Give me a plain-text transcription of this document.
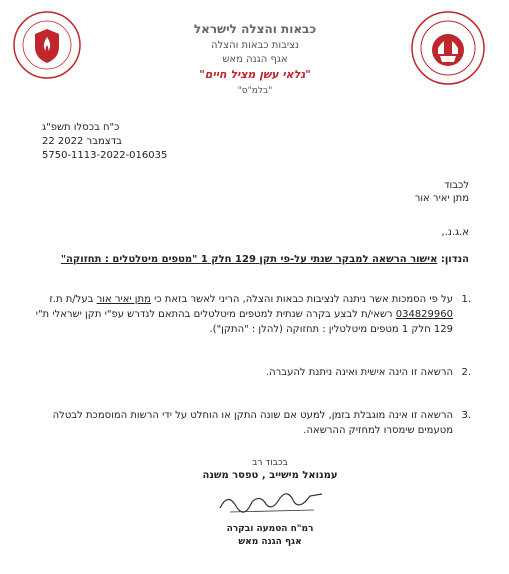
כבאות והצלה לישראל
נציבות כבאות והצלה
אגף הגנה מאש
"גלאי עשן מציל חיים"
"בלמ"ס"
כ"ח בכסלו תשפ"ג
22 בדצמבר 2022
5750-1113-2022-016035
לכבוד
מתן יאיר אור
א.ג.נ.,
הנדון: אישור הרשאה למבקר שנתי על-פי תקן 129 חלק 1 "מטפים מיטלטלים : תחזוקה"
.1
על פי הסמכות אשר ניתנה לנציבות כבאות והצלה, הריני לאשר בזאת כי מתן יאיר אור בעל/ת ת.ז 034829960 רשאי/ת לבצע בקרה שנתית למטפים מיטלטלים בהתאם לנדרש עפ"י תקן ישראלי ת"י 129 חלק 1 מטפים מיטלטלין : תחזוקה (להלן : "התקן").
.2
הרשאה זו הינה אישית ואינה ניתנת להעברה.
.3
הרשאה זו אינה מוגבלת בזמן, למעט אם שונה התקן או הוחלט על ידי הרשות המוסמכת לבטלה מטעמים שימסרו למחזיק ההרשאה.
בכבוד רב
עמנואל מישייב , טפסר משנה
רמ"ח הטמעה ובקרה
אגף הגנה מאש
